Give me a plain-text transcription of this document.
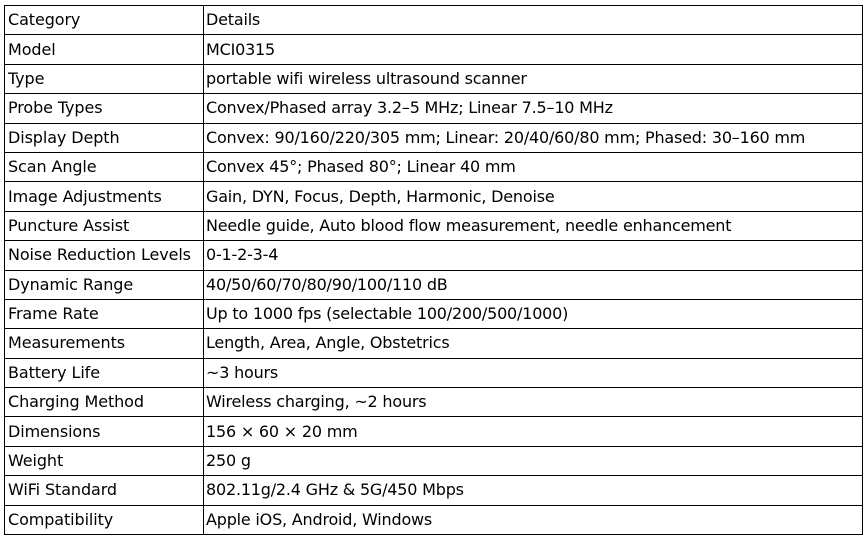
Category	Details
Model	MCI0315
Type	portable wifi wireless ultrasound scanner
Probe Types	Convex/Phased array 3.2–5 MHz; Linear 7.5–10 MHz
Display Depth	Convex: 90/160/220/305 mm; Linear: 20/40/60/80 mm; Phased: 30–160 mm
Scan Angle	Convex 45°; Phased 80°; Linear 40 mm
Image Adjustments	Gain, DYN, Focus, Depth, Harmonic, Denoise
Puncture Assist	Needle guide, Auto blood flow measurement, needle enhancement
Noise Reduction Levels	0-1-2-3-4
Dynamic Range	40/50/60/70/80/90/100/110 dB
Frame Rate	Up to 1000 fps (selectable 100/200/500/1000)
Measurements	Length, Area, Angle, Obstetrics
Battery Life	~3 hours
Charging Method	Wireless charging, ~2 hours
Dimensions	156 × 60 × 20 mm
Weight	250 g
WiFi Standard	802.11g/2.4 GHz & 5G/450 Mbps
Compatibility	Apple iOS, Android, Windows
